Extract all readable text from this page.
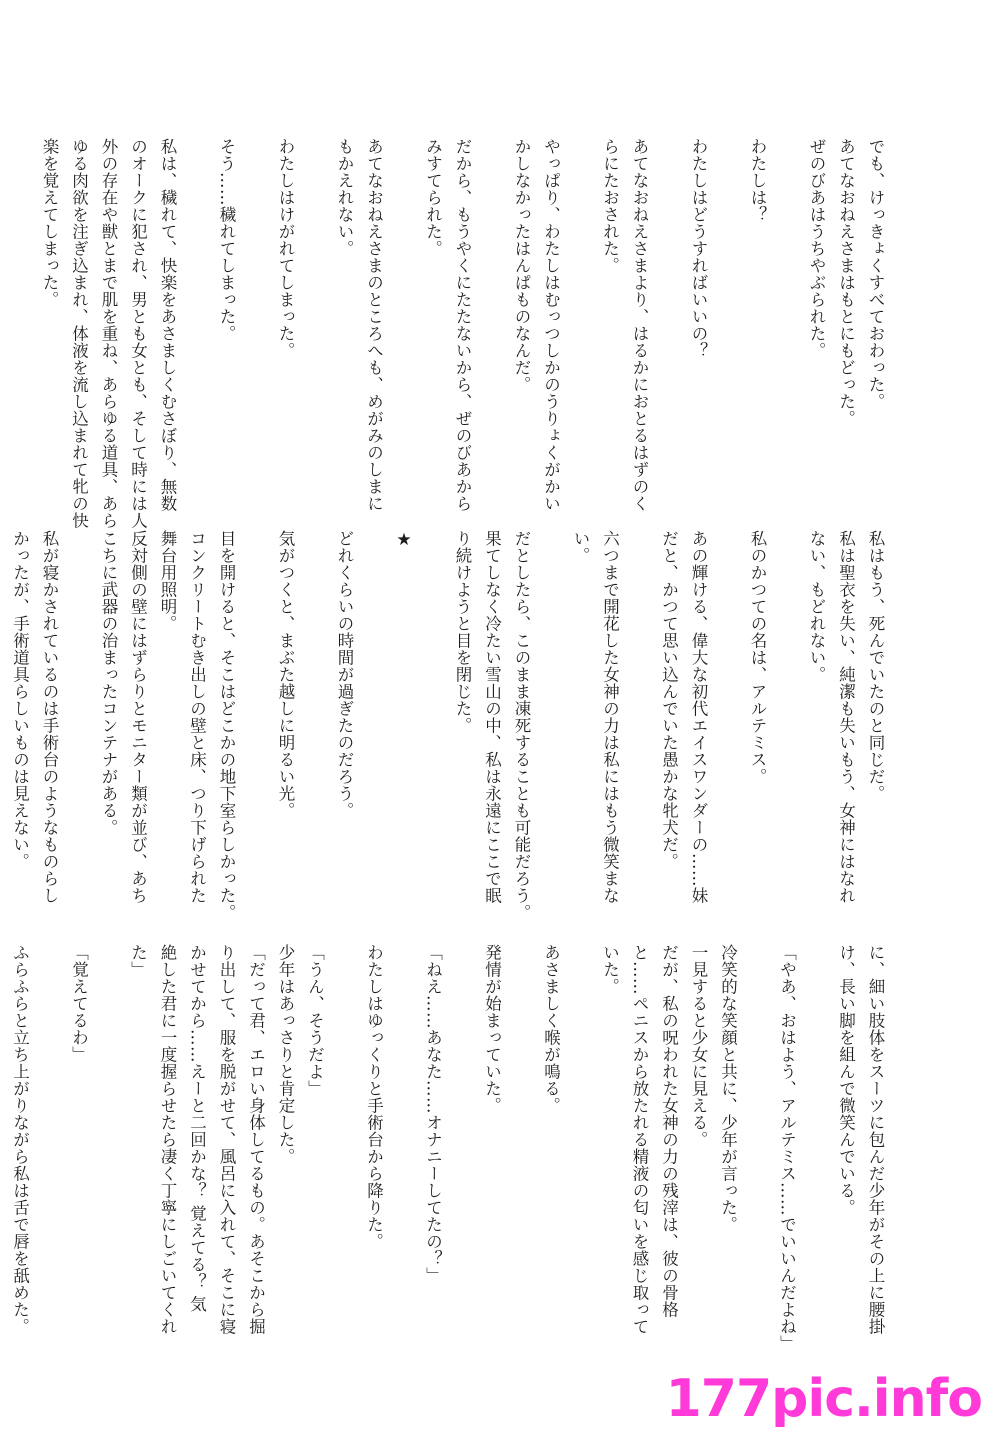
でも、けっきょくすべておわった。

あてなおねえさまはもとにもどった。

ぜのびあはうちやぶられた。

わたしは？

わたしはどうすればいいの？

あてなおねえさまより、はるかにおとるはずのく

らにたおされた。

やっぱり、わたしはむっつしかのうりょくがかい

かしなかったはんぱものなんだ。

だから、もうやくにたたないから、ぜのびあから

みすてられた。

あてなおねえさまのところへも、めがみのしまに

もかえれない。

わたしはけがれてしまった。

そう……穢れてしまった。

私は、穢れて、快楽をあさましくむさぼり、無数

のオークに犯され、男とも女とも、そして時には人

外の存在や獣とまで肌を重ね、あらゆる道具、あら

ゆる肉欲を注ぎ込まれ、体液を流し込まれて牝の快

楽を覚えてしまった。

私はもう、死んでいたのと同じだ。

私は聖衣を失い、純潔も失いもう、女神にはなれ

ない、もどれない。

私のかつての名は、アルテミス。

あの輝ける、偉大な初代エイスワンダーの……妹

だと、かつて思い込んでいた愚かな牝犬だ。

六つまで開花した女神の力は私にはもう微笑まな

い。

だとしたら、このまま凍死することも可能だろう。

果てしなく冷たい雪山の中、私は永遠にここで眠

り続けようと目を閉じた。

★

どれくらいの時間が過ぎたのだろう。

気がつくと、まぶた越しに明るい光。

目を開けると、そこはどこかの地下室らしかった。

コンクリートむき出しの壁と床、つり下げられた

舞台用照明。

反対側の壁にはずらりとモニター類が並び、あち

こちに武器の治まったコンテナがある。

私が寝かされているのは手術台のようなものらし

かったが、手術道具らしいものは見えない。

に、細い肢体をスーツに包んだ少年がその上に腰掛

け、長い脚を組んで微笑んでいる。

「やあ、おはよう、アルテミス……でいいんだよね」

冷笑的な笑顔と共に、少年が言った。

一見すると少女に見える。

だが、私の呪われた女神の力の残滓は、彼の骨格

と……ペニスから放たれる精液の匂いを感じ取って

いた。

あさましく喉が鳴る。

発情が始まっていた。

「ねえ……あなた……オナニーしてたの？」

わたしはゆっくりと手術台から降りた。

「うん、そうだよ」

少年はあっさりと肯定した。

「だって君、エロい身体してるもの。あそこから掘

り出して、服を脱がせて、風呂に入れて、そこに寝

かせてから……えーと二回かな？ 覚えてる？ 気

絶した君に一度握らせたら凄く丁寧にしごいてくれ

た」

「覚えてるわ」

ふらふらと立ち上がりながら私は舌で唇を舐めた。

177pic.info
